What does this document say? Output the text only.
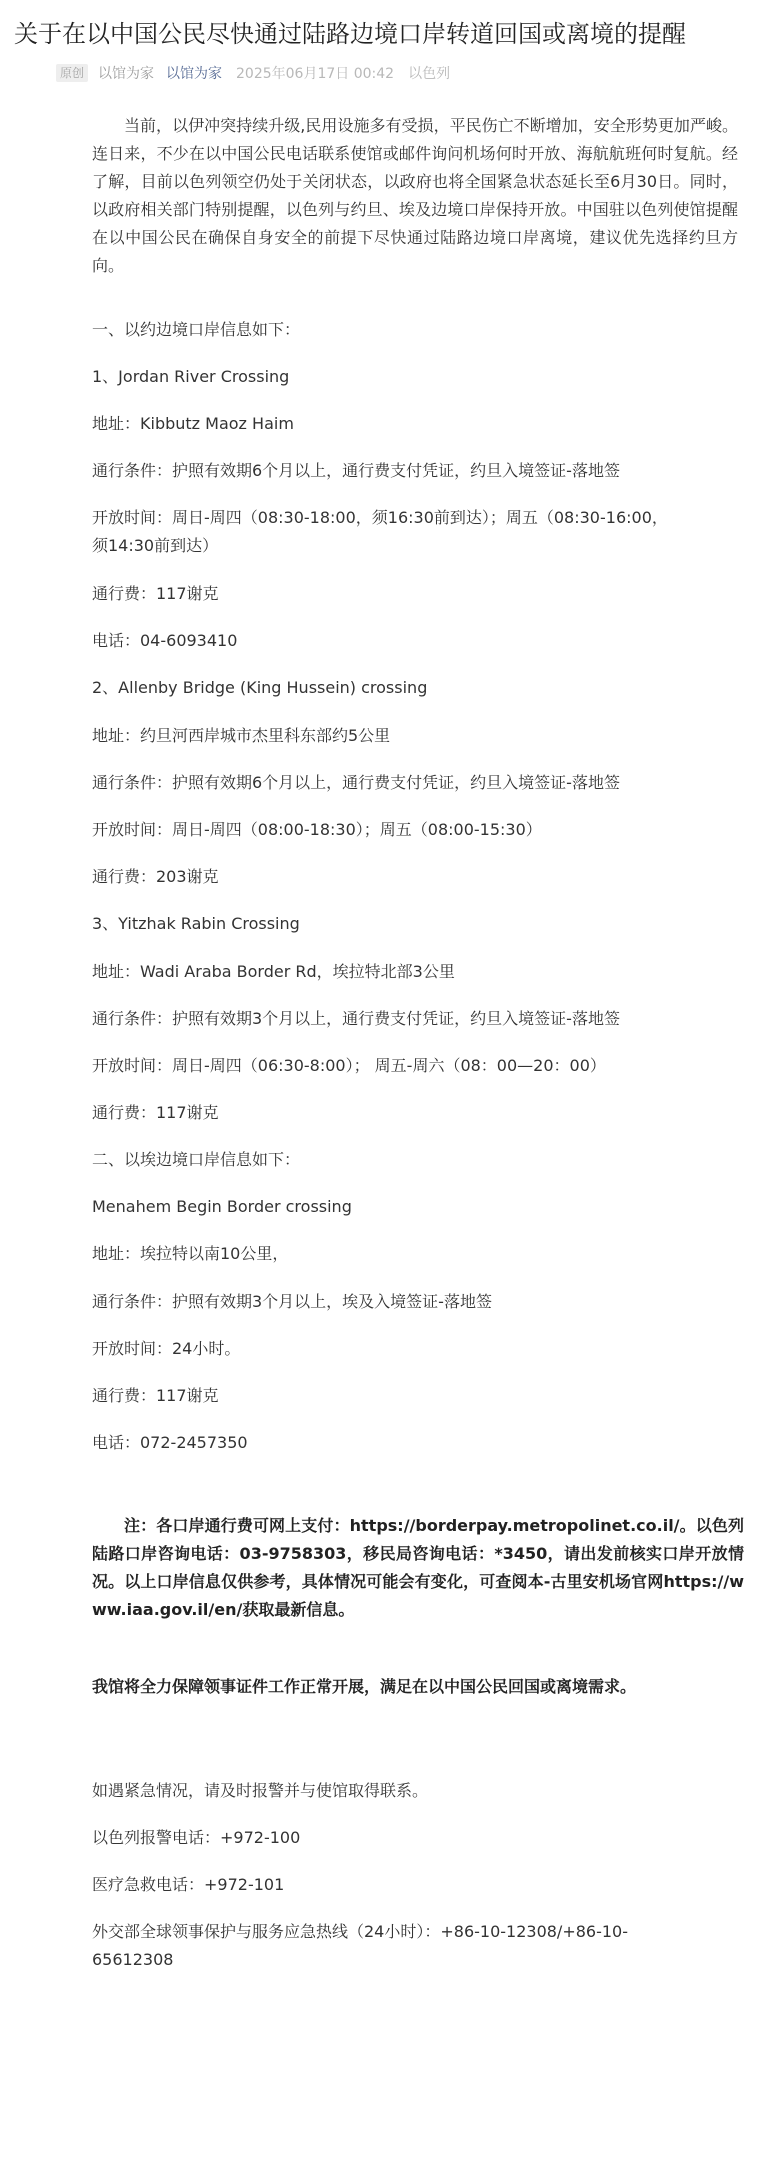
关于在以中国公民尽快通过陆路边境口岸转道回国或离境的提醒
原创 以馆为家 以馆为家 2025年06月17日 00:42 以色列

当前，以伊冲突持续升级,民用设施多有受损，平民伤亡不断增加，安全形势更加严峻。连日来，不少在以中国公民电话联系使馆或邮件询问机场何时开放、海航航班何时复航。经了解，目前以色列领空仍处于关闭状态，以政府也将全国紧急状态延长至6月30日。同时，以政府相关部门特别提醒，以色列与约旦、埃及边境口岸保持开放。中国驻以色列使馆提醒在以中国公民在确保自身安全的前提下尽快通过陆路边境口岸离境，建议优先选择约旦方向。

一、以约边境口岸信息如下：

1、Jordan River Crossing

地址：Kibbutz Maoz Haim

通行条件：护照有效期6个月以上，通行费支付凭证，约旦入境签证-落地签

开放时间：周日-周四（08:30-18:00，须16:30前到达）；周五（08:30-16:00，

须14:30前到达）

通行费：117谢克

电话：04-6093410

2、Allenby Bridge (King Hussein) crossing

地址：约旦河西岸城市杰里科东部约5公里

通行条件：护照有效期6个月以上，通行费支付凭证，约旦入境签证-落地签

开放时间：周日-周四（08:00-18:30）；周五（08:00-15:30）

通行费：203谢克

3、Yitzhak Rabin Crossing

地址：Wadi Araba Border Rd，埃拉特北部3公里

通行条件：护照有效期3个月以上，通行费支付凭证，约旦入境签证-落地签

开放时间：周日-周四（06:30-8:00）； 周五-周六（08：00—20：00）

通行费：117谢克

二、以埃边境口岸信息如下：

Menahem Begin Border crossing

地址：埃拉特以南10公里，

通行条件：护照有效期3个月以上，埃及入境签证-落地签

开放时间：24小时。

通行费：117谢克

电话：072-2457350

注：各口岸通行费可网上支付：https://borderpay.metropolinet.co.il/。以色列陆路口岸咨询电话：03-9758303，移民局咨询电话：*3450，请出发前核实口岸开放情况。以上口岸信息仅供参考，具体情况可能会有变化，可查阅本-古里安机场官网https://www.iaa.gov.il/en/获取最新信息。

我馆将全力保障领事证件工作正常开展，满足在以中国公民回国或离境需求。

如遇紧急情况，请及时报警并与使馆取得联系。

以色列报警电话：+972-100

医疗急救电话：+972-101

外交部全球领事保护与服务应急热线（24小时）：+86-10-12308/+86-10-

65612308
